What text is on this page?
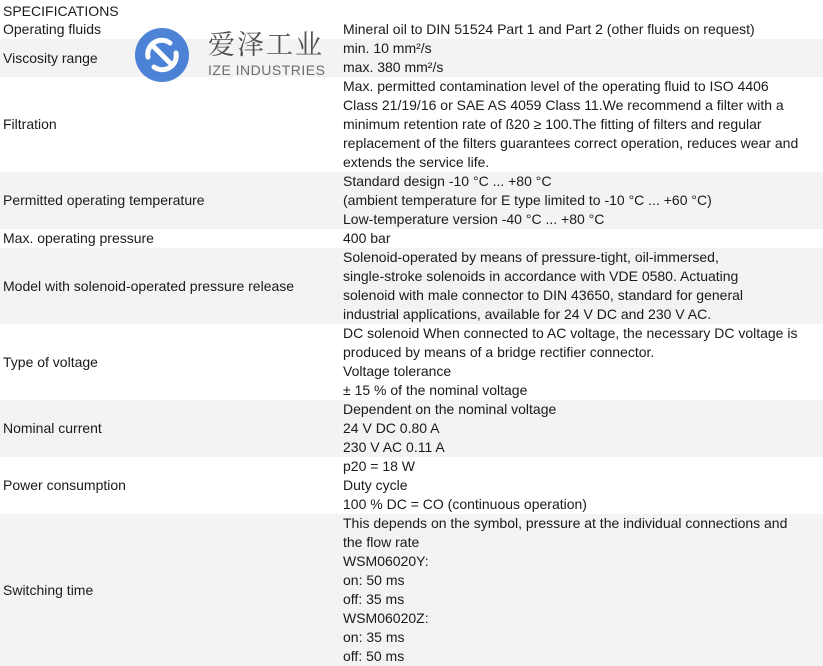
SPECIFICATIONS
Operating fluids	Mineral oil to DIN 51524 Part 1 and Part 2 (other fluids on request)
Viscosity range
min. 10 mm²/s
max. 380 mm²/s
Filtration
Max. permitted contamination level of the operating fluid to ISO 4406
Class 21/19/16 or SAE AS 4059 Class 11.We recommend a filter with a
minimum retention rate of ß20 ≥ 100.The fitting of filters and regular
replacement of the filters guarantees correct operation, reduces wear and
extends the service life.
Permitted operating temperature
Standard design -10 °C ... +80 °C
(ambient temperature for E type limited to -10 °C ... +60 °C)
Low-temperature version -40 °C ... +80 °C
Max. operating pressure	400 bar
Model with solenoid-operated pressure release
Solenoid-operated by means of pressure-tight, oil-immersed,
single-stroke solenoids in accordance with VDE 0580. Actuating
solenoid with male connector to DIN 43650, standard for general
industrial applications, available for 24 V DC and 230 V AC.
Type of voltage
DC solenoid When connected to AC voltage, the necessary DC voltage is
produced by means of a bridge rectifier connector.
Voltage tolerance
± 15 % of the nominal voltage
Nominal current
Dependent on the nominal voltage
24 V DC 0.80 A
230 V AC 0.11 A
Power consumption
p20 = 18 W
Duty cycle
100 % DC = CO (continuous operation)
Switching time
This depends on the symbol, pressure at the individual connections and
the flow rate
WSM06020Y:
on: 50 ms
off: 35 ms
WSM06020Z:
on: 35 ms
off: 50 ms
爱泽工业
IZE INDUSTRIES
